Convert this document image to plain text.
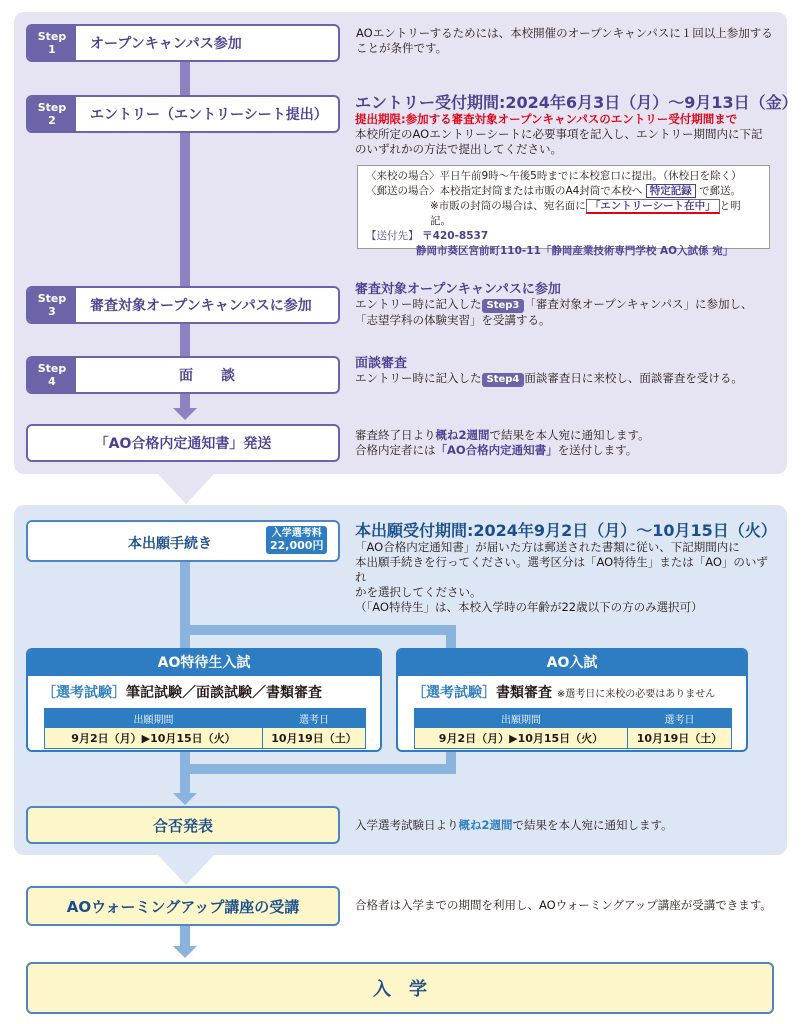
Step
1	オープンキャンパス参加
AOエントリーするためには、本校開催のオープンキャンパスに１回以上参加することが条件です。
Step
2	エントリー（エントリーシート提出）
エントリー受付期間:2024年6月3日（月）～9月13日（金）
提出期限:参加する審査対象オープンキャンパスのエントリー受付期間まで
本校所定のAOエントリーシートに必要事項を記入し、エントリー期間内に下記
のいずれかの方法で提出してください。
〈来校の場合〉平日午前9時～午後5時までに本校窓口に提出。（休校日を除く）
〈郵送の場合〉本校指定封筒または市販のA4封筒で本校へ 特定記録 で郵送。
※市販の封筒の場合は、宛名面に 「エントリーシート在中」 と明記。
【送付先】 〒420-8537
静岡市葵区宮前町110-11「静岡産業技術専門学校 AO入試係 宛」
Step
3	審査対象オープンキャンパスに参加
審査対象オープンキャンパスに参加
エントリー時に記入した Step3 「審査対象オープンキャンパス」に参加し、
「志望学科の体験実習」を受講する。
Step
4	面　　談
面談審査
エントリー時に記入した Step4 面談審査日に来校し、面談審査を受ける。
「AO合格内定通知書」発送
審査終了日より概ね2週間で結果を本人宛に通知します。
合格内定者には「AO合格内定通知書」を送付します。
本出願手続き
入学選考料
22,000円
本出願受付期間:2024年9月2日（月）～10月15日（火）
「AO合格内定通知書」が届いた方は郵送された書類に従い、下記期間内に
本出願手続きを行ってください。選考区分は「AO特待生」または「AO」のいずれ
かを選択してください。
（「AO特待生」は、本校入学時の年齢が22歳以下の方のみ選択可）
AO特待生入試
［選考試験］筆記試験／面談試験／書類審査
出願期間	選考日
9月2日（月）▶10月15日（火）	10月19日（土）
AO入試
［選考試験］書類審査 ※選考日に来校の必要はありません
出願期間	選考日
9月2日（月）▶10月15日（火）	10月19日（土）
合否発表	入学選考試験日より概ね2週間で結果を本人宛に通知します。
AOウォーミングアップ講座の受講	合格者は入学までの期間を利用し、AOウォーミングアップ講座が受講できます。
入　学
